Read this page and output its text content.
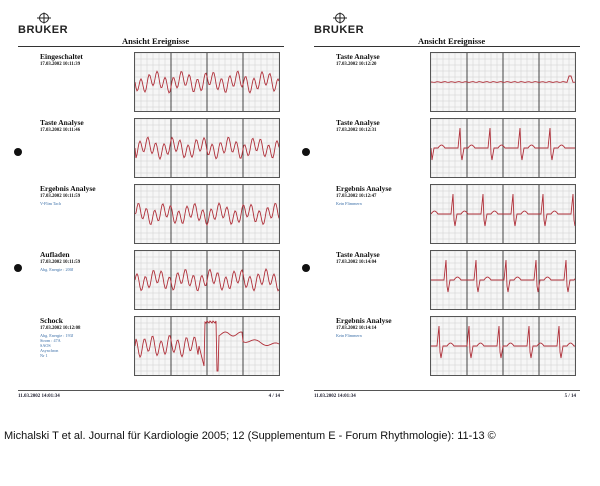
BRUKER
Ansicht Ereignisse
Eingeschaltet
17.03.2002 10:11:39
Taste Analyse
17.03.2002 10:11:46
Ergebnis Analyse
17.03.2002 10:11:59
V-Flim Tach
Aufladen
17.03.2002 10:11:59
Abg. Energie : 200J
Schock
17.03.2002 10:12:08
Abg. Energie : 193J
Strom : 47A
SAOS
Asynchron
Nr 1
11.03.2002 14:01:34	4 / 14
BRUKER
Ansicht Ereignisse
Taste Analyse
17.03.2002 10:12:20
Taste Analyse
17.03.2002 10:12:31
Ergebnis Analyse
17.03.2002 10:12:47
Kein Flimmern
Taste Analyse
17.03.2002 10:14:04
Ergebnis Analyse
17.03.2002 10:14:14
Kein Flimmern
11.03.2002 14:01:34	5 / 14
Michalski T et al. Journal für Kardiologie 2005; 12 (Supplementum E - Forum Rhythmologie): 11-13 ©
